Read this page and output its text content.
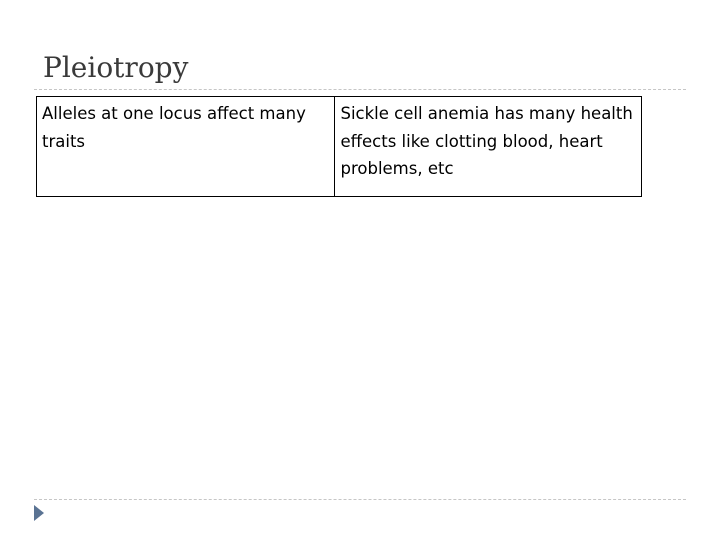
Pleiotropy
Alleles at one locus affect many traits	Sickle cell anemia has many health effects like clotting blood, heart problems, etc
